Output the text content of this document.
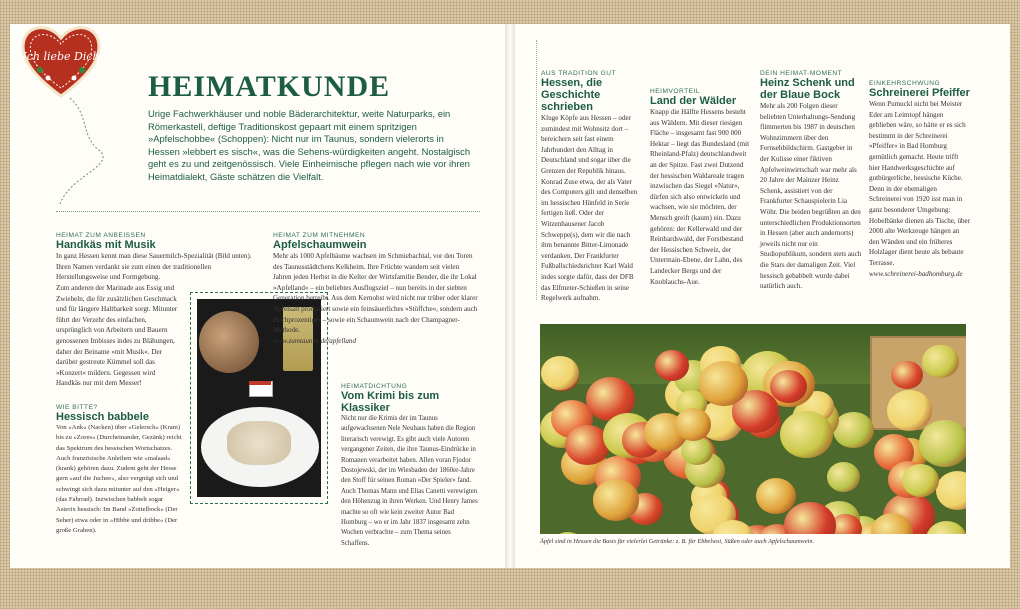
Ich liebe Dich
HEIMATKUNDE
Urige Fachwerkhäuser und noble Bäderarchitektur, weite Naturparks, ein Römerkastell, deftige Traditionskost gepaart mit einem spritzigen »Apfelschobbe« (Schoppen): Nicht nur im Taunus, sondern vielerorts in Hessen »lebbert es sisch«, was die Sehens-würdigkeiten angeht. Nostalgisch geht es zu und zeitgenössisch. Viele Einheimische pflegen nach wie vor ihren Heimatdialekt, Gäste schätzen die Vielfalt.
HEIMAT ZUM ANBEISSEN
Handkäs mit Musik
In ganz Hessen kennt man diese Sauermilch-Spezialität (Bild unten). Ihren Namen verdankt sie zum einen der traditionellen Herstellungsweise und Formgebung.
Zum anderen der Marinade aus Essig und Zwiebeln, die für zusätzlichen Geschmack und für längere Haltbarkeit sorgt. Mitunter führt der Verzehr des einfachen, ursprünglich von Arbeitern und Bauern genossenen Imbisses indes zu Blähungen, daher der Beiname »mit Musik«. Der darüber gestreute Kümmel soll das »Konzert« mildern. Gegessen wird Handkäs nur mit dem Messer!
WIE BITTE?
Hessisch babbele
Von »Ank« (Nacken) über »Gelersch« (Kram) bis zu »Zores« (Durcheinander, Gezänk) reicht das Spektrum des hessischen Wortschatzes. Auch französische Anleihen wie »malaad« (krank) gehören dazu. Zudem geht der Hesse gern »auf die Juchee«, also vergnügt sich und schwingt sich dazu mitunter auf den »Heiger« (das Fahrrad). Inzwischen babbelt sogar Asterix hessisch: Im Band »Zottelbock« (Der Seher) etwa oder in »Hibbe und dribbe« (Der große Graben).
HEIMAT ZUM MITNEHMEN
Apfelschaumwein
Mehr als 1000 Apfelbäume wachsen im Schmiebachtal, vor den Toren des Taunusstädtchens Kelkheim. Ihre Früchte wandern seit vielen Jahren jeden Herbst in die Kelter der Wirtsfamilie Bender, die ihr Lokal »Apfelland« – ein beliebtes Ausflugsziel – nun bereits in der siebten Generation betreibt. Aus dem Kernobst wird nicht nur trüber oder klarer Apfelsaft produziert sowie ein feinsäuerliches »Stöffche«, sondern auch Hochprozentiges – sowie ein Schaumwein nach der Champagner-Methode.
www.zumtaunus.de/apfelland
HEIMATDICHTUNG
Vom Krimi bis zum Klassiker
Nicht nur die Krimis der im Taunus aufgewachsenen Nele Neuhaus haben die Region literarisch verewigt. Es gibt auch viele Autoren vergangener Zeiten, die ihre Taunus-Eindrücke in Romanen verarbeitet haben. Allen voran Fjodor Dostojewski, der im Wiesbaden der 1860er-Jahre den Stoff für seinen Roman »Der Spieler« fand. Auch Thomas Mann und Elias Canetti verewigten den Höhenzug in ihren Werken. Und Henry James machte so oft wie kein zweiter Autor Bad Homburg – wo er im Jahr 1837 insgesamt zehn Wochen verbrachte – zum Thema seines Schaffens.
AUS TRADITION GUT
Hessen, die Geschichte schrieben
Kluge Köpfe aus Hessen – oder zumindest mit Wohnsitz dort – bereichern seit fast einem Jahrhundert den Alltag in Deutschland und sogar über die Grenzen der Republik hinaus. Konrad Zuse etwa, der als Vater des Computers gilt und denselben im hessischen Hünfeld in Serie fertigen ließ. Oder der Witzenhausener Jacob Schweppe(s), dem wir die nach ihm benannte Bitter-Limonade verdanken. Der Frankfurter Fußballschiedsrichter Karl Wald indes sorgte dafür, dass der DFB das Elfmeter-Schießen in seine Regelwerk aufnahm.
HEIMVORTEIL
Land der Wälder
Knapp die Hälfte Hessens besteht aus Wäldern. Mit dieser riesigen Fläche – insgesamt fast 900 000 Hektar – liegt das Bundesland (mit Rheinland-Pfalz) deutschlandweit an der Spitze. Fast zwei Dutzend der hessischen Waldareale tragen inzwischen das Siegel »Natur«, dürfen sich also entwickeln und wachsen, wie sie möchten, der Mensch greift (kaum) ein. Dazu gehören: der Kellerwald und der Reinhardswald, der Forstbestand der Hessischen Schweiz, der Untermain-Ebene, der Lahn, des Landecker Bergs und der Knoblauchs-Aue.
DEIN HEIMAT-MOMENT
Heinz Schenk und der Blaue Bock
Mehr als 200 Folgen dieser beliebten Unterhaltungs-Sendung flimmerten bis 1987 in deutschen Wohnzimmern über den Fernsehbildschirm. Gastgeber in der Kulisse einer fiktiven Apfelweinwirtschaft war mehr als 20 Jahre der Mainzer Heinz Schenk, assistiert von der Frankfurter Schauspielerin Lia Wöhr. Die beiden begrüßten an den unterschiedlichen Produktionsorten in Hessen (aber auch andernorts) jeweils nicht nur ein Studiopublikum, sondern stets auch die Stars der damaligen Zeit. Viel hessisch gebabbelt wurde dabei natürlich auch.
EINKEHRSCHWUNG
Schreinerei Pfeiffer
Wenn Pumuckl nicht bei Meister Eder am Leimtopf hängen geblieben wäre, so hätte er es sich bestimmt in der Schreinerei »Pfeiffer« in Bad Homburg gemütlich gemacht. Heute trifft hier Handwerksgeschichte auf gutbürgerliche, hessische Küche. Denn in der ehemaligen Schreinerei von 1920 isst man in ganz besonderer Umgebung: Hobelbänke dienen als Tische, über 2000 alte Werkzeuge hängen an den Wänden und ein früheres Holzlager dient heute als bebaute Terrasse.
www.schreinerei-badhomburg.de
Äpfel sind in Hessen die Basis für vielerlei Getränke: z. B. für Ebbelwoi, Süßen oder auch Apfelschaumwein.
